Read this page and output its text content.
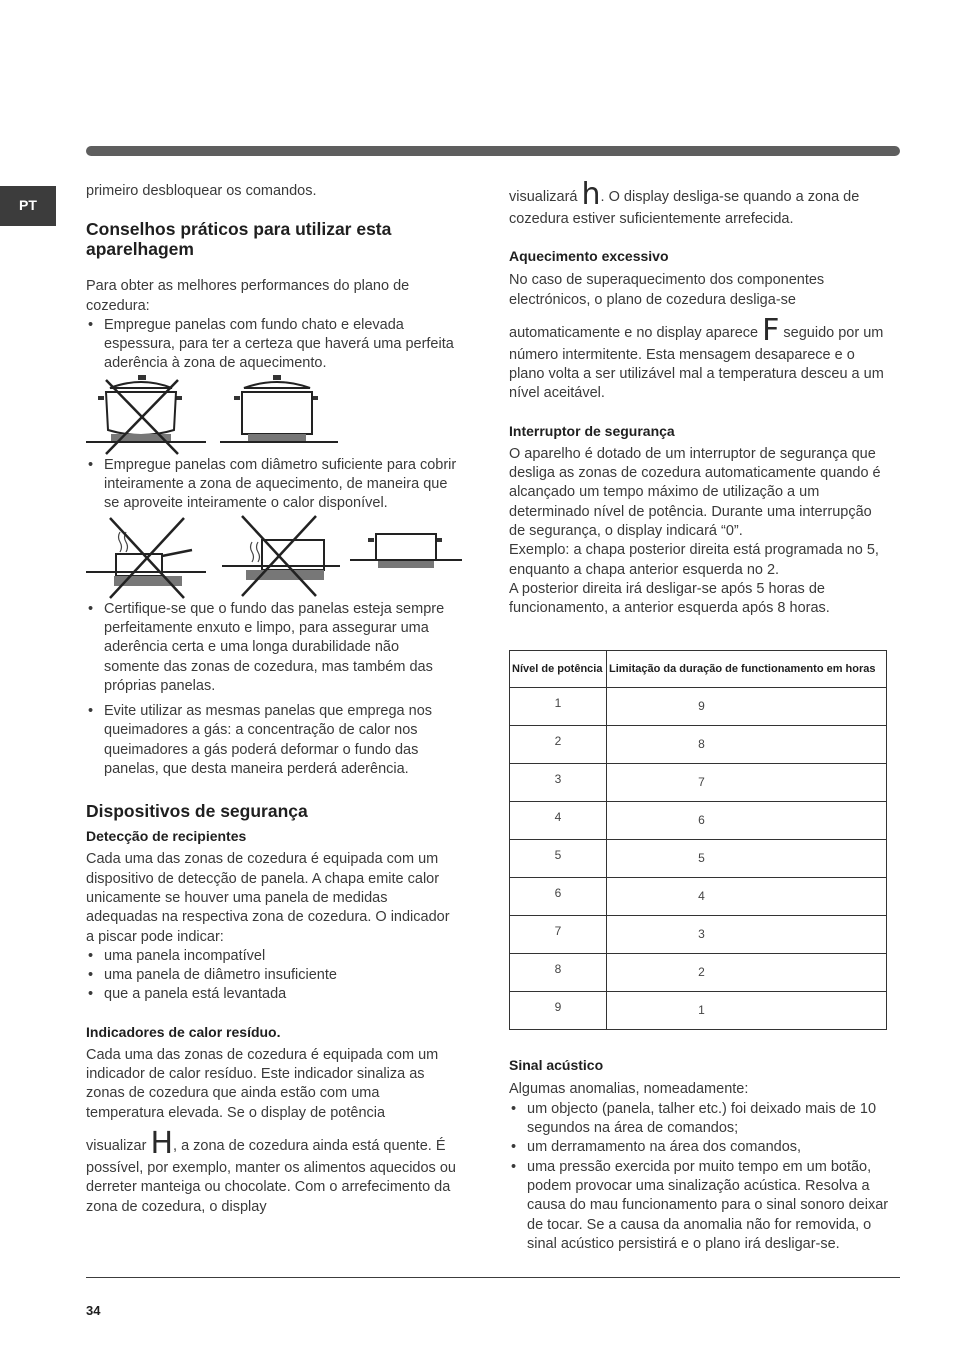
PT

primeiro desbloquear os comandos.

Conselhos práticos para utilizar esta aparelhagem

Para obter as melhores performances do plano de cozedura:

• Empregue panelas com fundo chato e elevada espessura, para ter a certeza que haverá uma perfeita aderência à zona de aquecimento.
• Empregue panelas com diâmetro suficiente para cobrir inteiramente a zona de aquecimento, de maneira que se aproveite inteiramente o calor disponível.
• Certifique-se que o fundo das panelas esteja sempre perfeitamente enxuto e limpo, para assegurar uma aderência certa e uma longa durabilidade não somente das zonas de cozedura, mas também das próprias panelas.
• Evite utilizar as mesmas panelas que emprega nos queimadores a gás: a concentração de calor nos queimadores a gás poderá deformar o fundo das panelas, que desta maneira perderá aderência.
Dispositivos de segurança
Detecção de recipientes

Cada uma das zonas de cozedura é equipada com um dispositivo de detecção de panela. A chapa emite calor unicamente se houver uma panela de medidas adequadas na respectiva zona de cozedura. O indicador a piscar pode indicar:

• uma panela incompatível
• uma panela de diâmetro insuficiente
• que a panela está levantada
Indicadores de calor resíduo.

Cada uma das zonas de cozedura é equipada com um indicador de calor resíduo. Este indicador sinaliza as zonas de cozedura que ainda estão com uma temperatura elevada. Se o display de potência
visualizar H, a zona de cozedura ainda está quente. É possível, por exemplo, manter os alimentos aquecidos ou derreter manteiga ou chocolate. Com o arrefecimento da zona de cozedura, o display

visualizará h. O display desliga-se quando a zona de cozedura estiver suficientemente arrefecida.

Aquecimento excessivo

No caso de superaquecimento dos componentes electrónicos, o plano de cozedura desliga-se
automaticamente e no display aparece F seguido por um número intermitente. Esta mensagem desaparece e o plano volta a ser utilizável mal a temperatura desceu a um nível aceitável.

Interruptor de segurança

O aparelho é dotado de um interruptor de segurança que desliga as zonas de cozedura automaticamente quando é alcançado um tempo máximo de utilização a um determinado nível de potência. Durante uma interrupção de segurança, o display indicará “0”.

Exemplo: a chapa posterior direita está programada no 5, enquanto a chapa anterior esquerda no 2.

A posterior direita irá desligar-se após 5 horas de funcionamento, a anterior esquerda após 8 horas.

Nível de potência	Limitação da duração de functionamento em horas
1	9
2	8
3	7
4	6
5	5
6	4
7	3
8	2
9	1
Sinal acústico

Algumas anomalias, nomeadamente:

• um objecto (panela, talher etc.) foi deixado mais de 10 segundos na área de comandos;
• um derramamento na área dos comandos,
• uma pressão exercida por muito tempo em um botão, podem provocar uma sinalização acústica. Resolva a causa do mau funcionamento para o sinal sonoro deixar de tocar. Se a causa da anomalia não for removida, o sinal acústico persistirá e o plano irá desligar-se.
34
